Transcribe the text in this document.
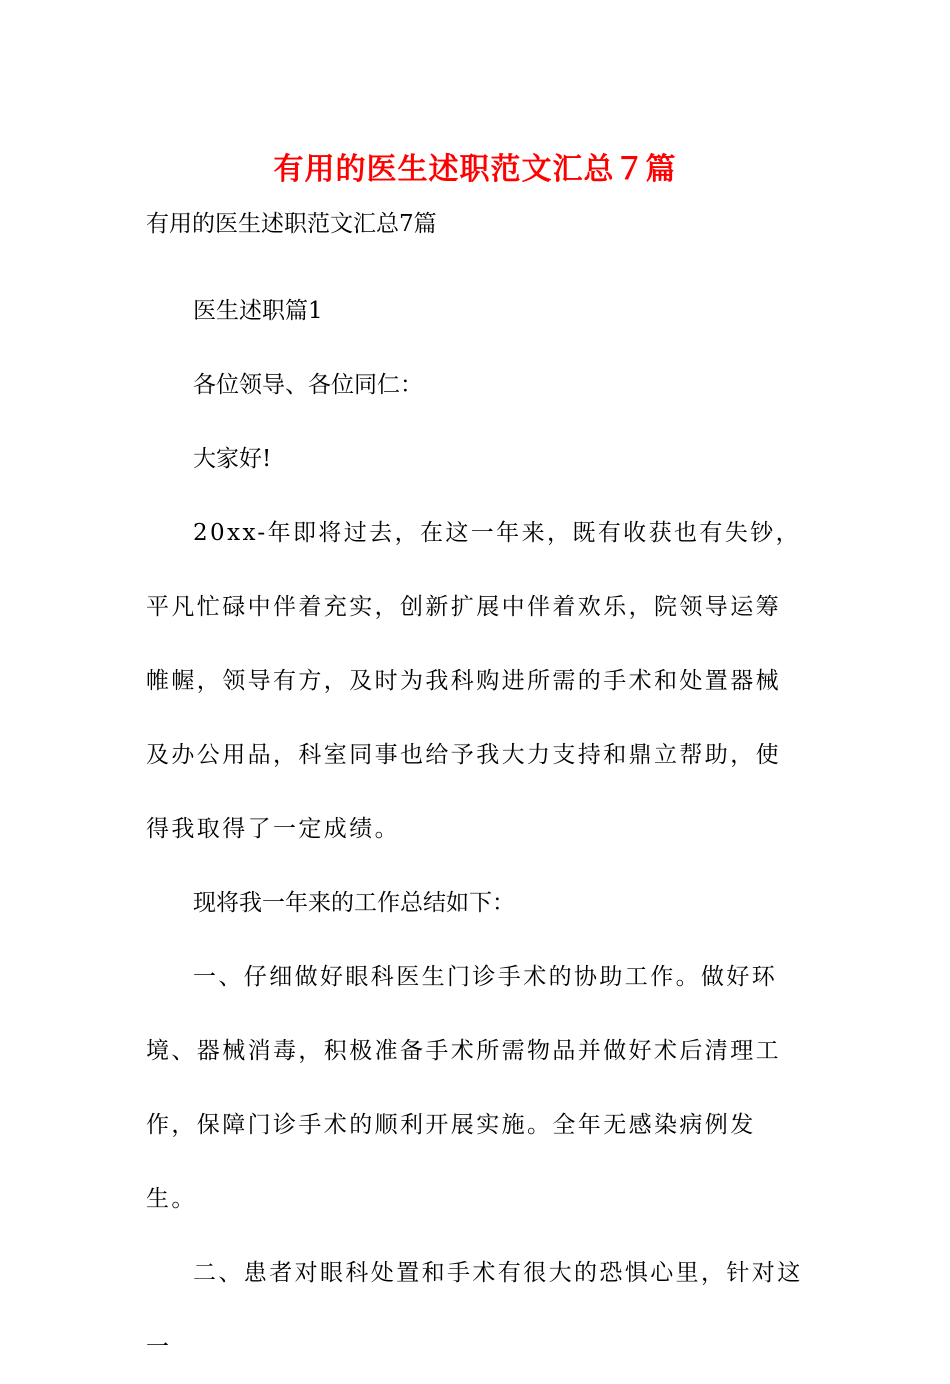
有用的医生述职范文汇总７篇

有用的医生述职范文汇总7篇

医生述职篇1

各位领导、各位同仁：

大家好!

20xx-年即将过去，在这一年来，既有收获也有失钞，平凡忙碌中伴着充实，创新扩展中伴着欢乐，院领导运筹帷幄，领导有方，及时为我科购进所需的手术和处置器械及办公用品，科室同事也给予我大力支持和鼎立帮助，使得我取得了一定成绩。

现将我一年来的工作总结如下：

一、仔细做好眼科医生门诊手术的协助工作。做好环境、器械消毒，积极准备手术所需物品并做好术后清理工作，保障门诊手术的顺利开展实施。全年无感染病例发生。

二、患者对眼科处置和手术有很大的恐惧心里，针对这一
